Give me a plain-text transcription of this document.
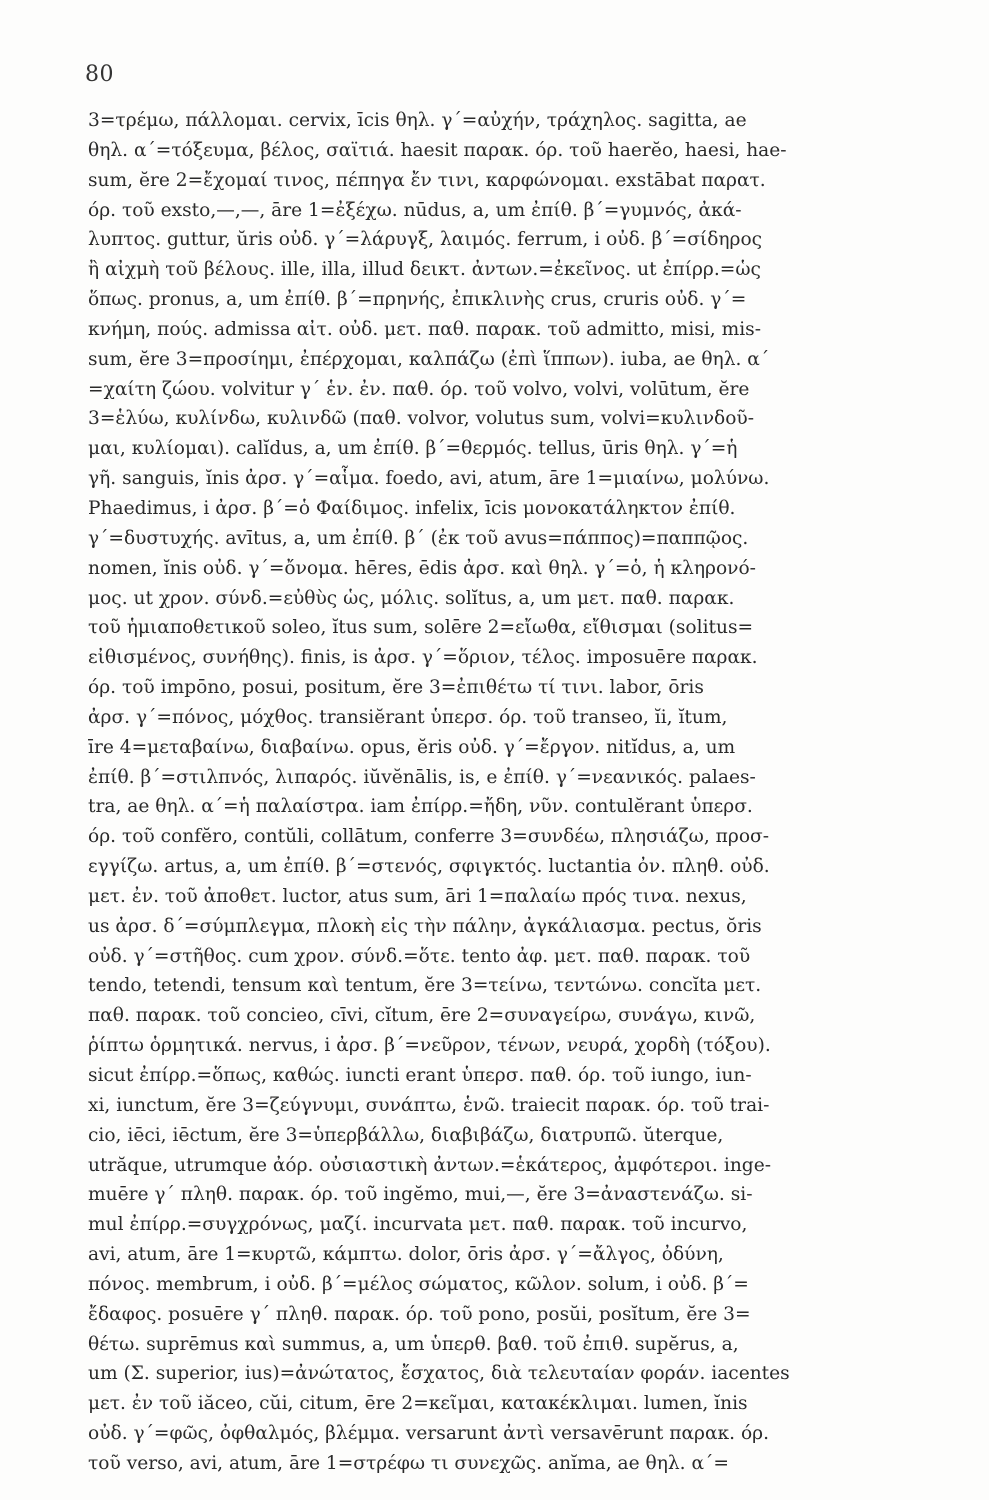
80
3=τρέμω, πάλλομαι. cervix, īcis θηλ. γ΄=αὐχήν, τράχηλος. sagitta, ae
θηλ. α΄=τόξευμα, βέλος, σαϊτιά. haesit παρακ. όρ. τοῦ haerĕo, haesi, hae-
sum, ĕre 2=ἔχομαί τινος, πέπηγα ἔν τινι, καρφώνομαι. exstābat παρατ.
όρ. τοῦ exsto,—,—, āre 1=ἐξέχω. nūdus, a, um ἐπίθ. β΄=γυμνός, ἀκά-
λυπτος. guttur, ŭris οὐδ. γ΄=λάρυγξ, λαιμός. ferrum, i οὐδ. β΄=σίδηρος
ἢ αἰχμὴ τοῦ βέλους. ille, illa, illud δεικτ. ἀντων.=ἐκεῖνος. ut ἐπίρρ.=ὡς
ὅπως. pronus, a, um ἐπίθ. β΄=πρηνής, ἐπικλινὴς crus, cruris οὐδ. γ΄=
κνήμη, πούς. admissa αἰτ. οὐδ. μετ. παθ. παρακ. τοῦ admitto, misi, mis-
sum, ĕre 3=προσίημι, ἐπέρχομαι, καλπάζω (ἐπὶ ἵππων). iuba, ae θηλ. α΄
=χαίτη ζώου. volvitur γ΄ ἑν. ἐν. παθ. όρ. τοῦ volvo, volvi, volūtum, ĕre
3=ἑλύω, κυλίνδω, κυλινδῶ (παθ. volvor, volutus sum, volvi=κυλινδοῦ-
μαι, κυλίομαι). calĭdus, a, um ἐπίθ. β΄=θερμός. tellus, ūris θηλ. γ΄=ἡ
γῆ. sanguis, ĭnis ἀρσ. γ΄=αἷμα. foedo, avi, atum, āre 1=μιαίνω, μολύνω.
Phaedimus, i ἀρσ. β΄=ὁ Φαίδιμος. infelix, īcis μονοκατάληκτον ἐπίθ.
γ΄=δυστυχής. avītus, a, um ἐπίθ. β΄ (ἐκ τοῦ avus=πάππος)=παππῷος.
nomen, ĭnis οὐδ. γ΄=ὄνομα. hēres, ēdis ἀρσ. καὶ θηλ. γ΄=ὁ, ἡ κληρονό-
μος. ut χρον. σύνδ.=εὐθὺς ὡς, μόλις. solĭtus, a, um μετ. παθ. παρακ.
τοῦ ἡμιαποθετικοῦ soleo, ĭtus sum, solēre 2=εἴωθα, εἴθισμαι (solitus=
εἰθισμένος, συνήθης). finis, is ἀρσ. γ΄=ὅριον, τέλος. imposuēre παρακ.
όρ. τοῦ impōno, posui, positum, ĕre 3=ἐπιθέτω τί τινι. labor, ōris
ἀρσ. γ΄=πόνος, μόχθος. transiĕrant ὑπερσ. όρ. τοῦ transeo, ĭi, ĭtum,
īre 4=μεταβαίνω, διαβαίνω. opus, ĕris οὐδ. γ΄=ἔργον. nitĭdus, a, um
ἐπίθ. β΄=στιλπνός, λιπαρός. iŭvĕnālis, is, e ἐπίθ. γ΄=νεανικός. palaes-
tra, ae θηλ. α΄=ἡ παλαίστρα. iam ἐπίρρ.=ἤδη, νῦν. contulĕrant ὑπερσ.
όρ. τοῦ confĕro, contŭli, collātum, conferre 3=συνδέω, πλησιάζω, προσ-
εγγίζω. artus, a, um ἐπίθ. β΄=στενός, σφιγκτός. luctantia ὀν. πληθ. οὐδ.
μετ. ἐν. τοῦ ἀποθετ. luctor, atus sum, āri 1=παλαίω πρός τινα. nexus,
us ἀρσ. δ΄=σύμπλεγμα, πλοκὴ εἰς τὴν πάλην, ἀγκάλιασμα. pectus, ŏris
οὐδ. γ΄=στῆθος. cum χρον. σύνδ.=ὅτε. tento ἀφ. μετ. παθ. παρακ. τοῦ
tendo, tetendi, tensum καὶ tentum, ĕre 3=τείνω, τεντώνω. concĭta μετ.
παθ. παρακ. τοῦ concieo, cīvi, cĭtum, ēre 2=συναγείρω, συνάγω, κινῶ,
ῥίπτω ὁρμητικά. nervus, i ἀρσ. β΄=νεῦρον, τένων, νευρά, χορδὴ (τόξου).
sicut ἐπίρρ.=ὅπως, καθώς. iuncti erant ὑπερσ. παθ. όρ. τοῦ iungo, iun-
xi, iunctum, ĕre 3=ζεύγνυμι, συνάπτω, ἑνῶ. traiecit παρακ. όρ. τοῦ trai-
cio, iēci, iēctum, ĕre 3=ὑπερβάλλω, διαβιβάζω, διατρυπῶ. ŭterque,
utrăque, utrumque ἀόρ. οὐσιαστικὴ ἀντων.=ἑκάτερος, ἀμφότεροι. inge-
muēre γ΄ πληθ. παρακ. όρ. τοῦ ingĕmo, mui,—, ĕre 3=ἀναστενάζω. si-
mul ἐπίρρ.=συγχρόνως, μαζί. incurvata μετ. παθ. παρακ. τοῦ incurvo,
avi, atum, āre 1=κυρτῶ, κάμπτω. dolor, ōris ἀρσ. γ΄=ἄλγος, ὀδύνη,
πόνος. membrum, i οὐδ. β΄=μέλος σώματος, κῶλον. solum, i οὐδ. β΄=
ἔδαφος. posuēre γ΄ πληθ. παρακ. όρ. τοῦ pono, posŭi, posĭtum, ĕre 3=
θέτω. suprēmus καὶ summus, a, um ὑπερθ. βαθ. τοῦ ἐπιθ. supĕrus, a,
um (Σ. superior, ius)=ἀνώτατος, ἔσχατος, διὰ τελευταίαν φοράν. iacentes
μετ. ἐν τοῦ iăceo, cŭi, citum, ēre 2=κεῖμαι, κατακέκλιμαι. lumen, ĭnis
οὐδ. γ΄=φῶς, ὀφθαλμός, βλέμμα. versarunt ἀντὶ versavērunt παρακ. όρ.
τοῦ verso, avi, atum, āre 1=στρέφω τι συνεχῶς. anĭma, ae θηλ. α΄=
